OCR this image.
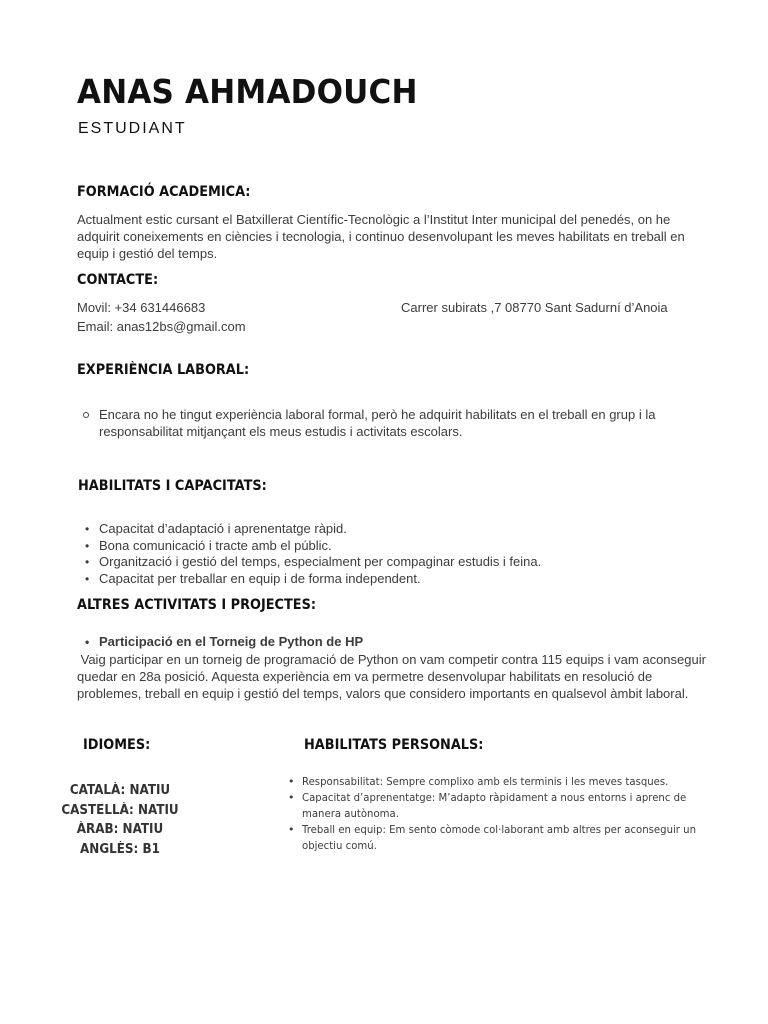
ANAS AHMADOUCH
ESTUDIANT
FORMACIÓ ACADEMICA:

Actualment estic cursant el Batxillerat Científic-Tecnològic a l’Institut Inter municipal del penedés, on he adquirit coneixements en ciències i tecnologia, i continuo desenvolupant les meves habilitats en treball en equip i gestió del temps.

CONTACTE:
Movil: +34 631446683	Carrer subirats ,7 08770 Sant Sadurní d’Anoia
Email: anas12bs@gmail.com
EXPERIÈNCIA LABORAL:
Encara no he tingut experiència laboral formal, però he adquirit habilitats en el treball en grup i la responsabilitat mitjançant els meus estudis i activitats escolars.
HABILITATS I CAPACITATS:
• Capacitat d’adaptació i aprenentatge ràpid.
• Bona comunicació i tracte amb el públic.
• Organització i gestió del temps, especialment per compaginar estudis i feina.
• Capacitat per treballar en equip i de forma independent.
ALTRES ACTIVITATS I PROJECTES:
• Participació en el Torneig de Python de HP

Vaig participar en un torneig de programació de Python on vam competir contra 115 equips i vam aconseguir quedar en 28a posició. Aquesta experiència em va permetre desenvolupar habilitats en resolució de problemes, treball en equip i gestió del temps, valors que considero importants en qualsevol àmbit laboral.

IDIOMES:
CATALÀ: NATIU
CASTELLÀ: NATIU
ÀRAB: NATIU
ANGLÈS: B1
HABILITATS PERSONALS:
• Responsabilitat: Sempre complixo amb els terminis i les meves tasques.
• Capacitat d’aprenentatge: M’adapto ràpidament a nous entorns i aprenc de manera autònoma.
• Treball en equip: Em sento còmode col·laborant amb altres per aconseguir un objectiu comú.
